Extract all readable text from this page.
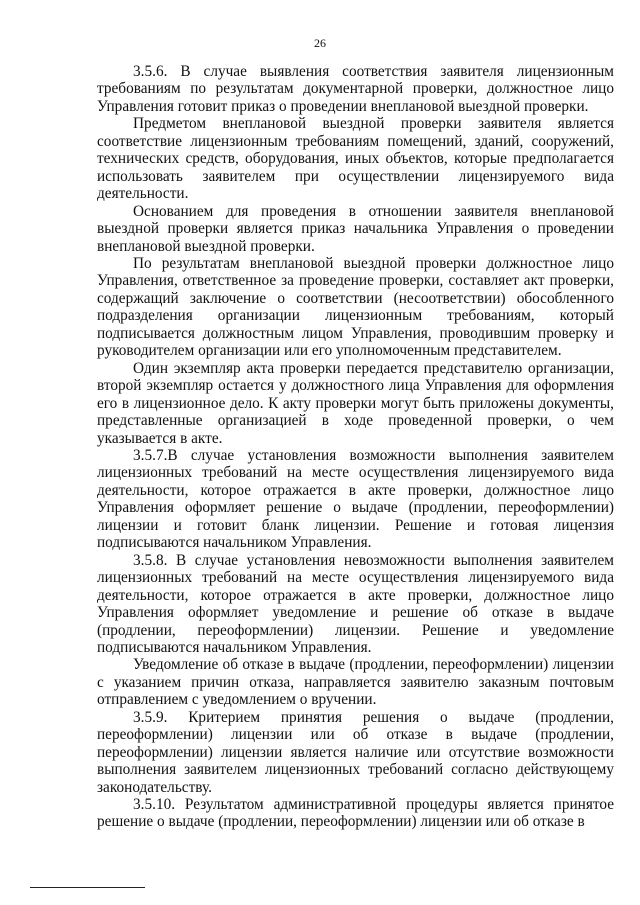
26

3.5.6. В случае выявления соответствия заявителя лицензионным требованиям по результатам документарной проверки, должностное лицо Управления готовит приказ о проведении внеплановой выездной проверки.

Предметом внеплановой выездной проверки заявителя является соответствие лицензионным требованиям помещений, зданий, сооружений, технических средств, оборудования, иных объектов, которые предполагается использовать заявителем при осуществлении лицензируемого вида деятельности.

Основанием для проведения в отношении заявителя внеплановой выездной проверки является приказ начальника Управления о проведении внеплановой выездной проверки.

По результатам внеплановой выездной проверки должностное лицо Управления, ответственное за проведение проверки, составляет акт проверки, содержащий заключение о соответствии (несоответствии) обособленного подразделения организации лицензионным требованиям, который подписывается должностным лицом Управления, проводившим проверку и руководителем организации или его уполномоченным представителем.

Один экземпляр акта проверки передается представителю организации, второй экземпляр остается у должностного лица Управления для оформления его в лицензионное дело. К акту проверки могут быть приложены документы, представленные организацией в ходе проведенной проверки, о чем указывается в акте.

3.5.7.В случае установления возможности выполнения заявителем лицензионных требований на месте осуществления лицензируемого вида деятельности, которое отражается в акте проверки, должностное лицо Управления оформляет решение о выдаче (продлении, переоформлении) лицензии и готовит бланк лицензии. Решение и готовая лицензия подписываются начальником Управления.

3.5.8. В случае установления невозможности выполнения заявителем лицензионных требований на месте осуществления лицензируемого вида деятельности, которое отражается в акте проверки, должностное лицо Управления оформляет уведомление и решение об отказе в выдаче (продлении, переоформлении) лицензии. Решение и уведомление подписываются начальником Управления.

Уведомление об отказе в выдаче (продлении, переоформлении) лицензии с указанием причин отказа, направляется заявителю заказным почтовым отправлением с уведомлением о вручении.

3.5.9. Критерием принятия решения о выдаче (продлении, переоформлении) лицензии или об отказе в выдаче (продлении, переоформлении) лицензии является наличие или отсутствие возможности выполнения заявителем лицензионных требований согласно действующему законодательству.

3.5.10. Результатом административной процедуры является принятое решение о выдаче (продлении, переоформлении) лицензии или об отказе в
